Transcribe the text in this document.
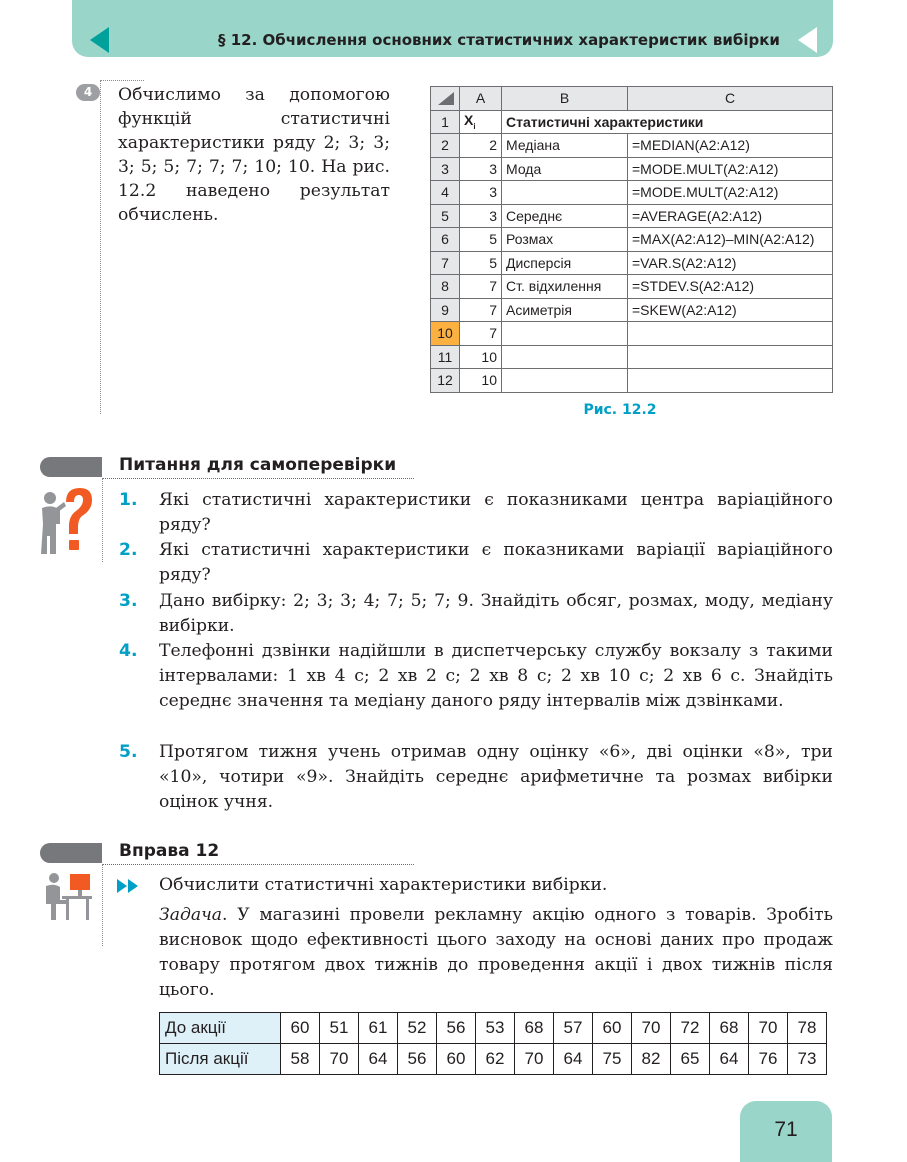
§ 12. Обчислення основних статистичних характеристик вибірки
4	Обчислимо за допомогою функцій статистичні характеристики ряду 2; 3; 3; 3; 5; 5; 7; 7; 7; 10; 10. На рис. 12.2 наведено результат обчислень.
	A	B	C
1	$X_i$	Статистичні характеристики	
2	2	Медіана	=MEDIAN(A2:A12)
3	3	Мода	=MODE.MULT(A2:A12)
4	3		=MODE.MULT(A2:A12)
5	3	Середнє	=AVERAGE(A2:A12)
6	5	Розмах	=MAX(A2:A12)–MIN(A2:A12)
7	5	Дисперсія	=VAR.S(A2:A12)
8	7	Ст. відхилення	=STDEV.S(A2:A12)
9	7	Асиметрія	=SKEW(A2:A12)
10	7		
11	10		
12	10		
Рис. 12.2
Питання для самоперевірки
1. Які статистичні характеристики є показниками центра варіаційного ряду?
2. Які статистичні характеристики є показниками варіації варіаційного ряду?
3. Дано вибірку: 2; 3; 3; 4; 7; 5; 7; 9. Знайдіть обсяг, розмах, моду, медіану вибірки.
4. Телефонні дзвінки надійшли в диспетчерську службу вокзалу з такими інтервалами: 1 хв 4 с; 2 хв 2 с; 2 хв 8 с; 2 хв 10 с; 2 хв 6 с. Знайдіть середнє значення та медіану даного ряду інтервалів між дзвінками.
5. Протягом тижня учень отримав одну оцінку «6», дві оцінки «8», три «10», чотири «9». Знайдіть середнє арифметичне та розмах вибірки оцінок учня.
Вправа 12
Обчислити статистичні характеристики вибірки.
Задача. У магазині провели рекламну акцію одного з товарів. Зробіть висновок щодо ефективності цього заходу на основі даних про продаж товару протягом двох тижнів до проведення акції і двох тижнів після цього.
До акції	60	51	61	52	56	53	68	57	60	70	72	68	70	78
Після акції	58	70	64	56	60	62	70	64	75	82	65	64	76	73
71
